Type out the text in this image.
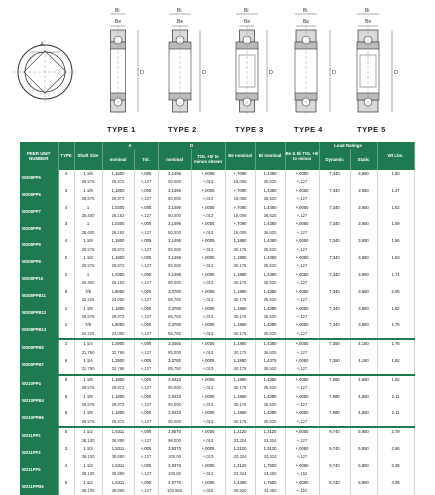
A
Bi
Be
D
Bi
Be
D
Bi
Be
D
Bi
Be
D
Bi
Be
D
TYPE 1	TYPE 2	TYPE 3	TYPE 4	TYPE 5
PEER UNIT NUMBER	TYPE	Shaft Size	A		D		Be nominal	Bi nominal	Be & Bi TOL +0/ to minus	Load Ratings		Wt Lbs.
			nominal	Tol.	nominal	TOL +0/ to minus shown				Dynamic	Static	
W208PP5	4	1 1/8	1,1800	+,005	3,1496	+,0005	+,7090	1,4380	+,0050	7,340	3,650	1,50
		28,575	29,972	+,127	80,000	+,013	18,008	36,520	+,127			
W208PP6	3	1 1/8	1,1800	+,005	3,1496	+,0005	+,7090	1,4380	+,0050	7,340	3,650	1,47
		28,575	29,972	+,127	80,000	+,013	18,008	36,520	+,127			
W208PP7	4	1	1,0300	+,005	3,1496	+,0005	+,7090	1,4380	+,0050	7,340	3,650	1,62
		25,400	26,162	+,127	80,000	+,013	18,008	36,520	+,127			
W208PP8	3	1	1,0300	+,005	3,1496	+,0005	+,7090	1,4380	+,0050	7,340	3,650	1,59
		25,400	26,162	+,127	80,000	+,013	18,008	36,520	+,127			
W208PP9	4	1 1/8	1,1800	+,005	3,1496	+,0005	1,1880	1,4380	+,0050	7,340	3,650	1,66
		28,575	29,972	+,127	80,000	+,013	30,175	36,520	+,127			
W208PP8	2	1 1/8	1,1800	+,005	3,1496	+,0005	1,1880	1,4380	+,0050	7,340	3,650	1,63
		28,575	29,972	+,127	80,000	+,013	30,175	36,520	+,127			
W208PP10	2	1	1,0300	+,005	3,1496	+,0005	1,1880	1,4380	+,0050	7,340	3,650	1,74
		25,400	26,162	+,127	80,000	+,013	30,175	36,520	+,127			
W208PPB11	6	7/8	1,8050	+,005	3,3780	+,0005	1,1880	1,4380	+,0050	7,340	3,650	2,05
		22,225	23,000	+,127	85,750	+,013	30,175	36,520	+,127			
W208PPB12	2	1 1/8	1,1800	+,005	3,3780	+,0005	1,1880	1,4380	+,0050	7,340	3,650	1,82
		28,575	29,972	+,127	85,750	+,013	30,175	36,520	+,127			
W208PPB13	2	7/8	1,8050	+,005	3,3780	+,0005	1,1880	1,4380	+,0050	7,340	3,650	1,75
		22,225	23,000	+,127	85,750	+,013	30,175	36,520	+,127			
W209PPB5	2	1 1/4	1,2900	+,005	3,3465	+,0005	1,1880	1,4380	+,0050	7,350	4,150	1,75
		31,750	32,766	+,127	85,000	+,013	30,175	36,520	+,127			
W209PPB7	6	1 1/4	1,2900	+,005	3,3780	+,0005	1,1880	1,4375	+,0050	7,350	4,150	1,92
		31,750	32,766	+,127	85,750	+,013	30,175	36,520	+,127			
W210PP4	5	1 1/8	1,1800	+,005	3,5433	+,0005	1,1880	1,4380	+,0050	7,880	4,650	1,92
		28,575	29,972	+,127	90,000	+,013	30,175	36,520	+,127			
W210PPB4	6	1 1/8	1,1800	+,005	3,5433	+,0005	1,1880	1,4380	+,0050	7,880	4,650	2,11
		28,575	29,972	+,127	90,000	+,013	30,175	36,520	+,127			
W210PPB6	6	1 1/8	1,1800	+,005	3,5433	+,0005	1,1880	1,4380	+,0050	7,880	4,650	2,11
		28,575	29,972	+,127	90,000	+,013	30,175	36,520	+,127			
W211PP2	5	1 1/2	1,5311	+,005	3,8570	+,0005	1,3120	1,3120	+,0050	9,740	5,850	2,79
		38,100	38,890	+,127	98,000	+,013	33,324	33,324	+,127			
W211PP3	3	1 1/2	1,5311	+,005	3,9370	+,0005	1,3120	1,3120	+,0050	9,740	5,850	2,66
		38,100	38,890	+,127	100,00	+,013	33,324	33,324	+,127			
W211PP5	4	1 1/2	1,5311	+,005	3,9370	+,0005	1,3120	1,7500	+,0060	9,740	5,850	3,38
		38,100	38,890	+,127	100,00	+,013	33,324	44,450	+,152			
W211PPB6	6	1 1/2	1,5311	+,005	4,0770	+,0006	1,4380	1,7500	+,0060	9,740	5,850	4,05
		38,100	38,890	+,127	103,556	+,015	36,520	44,450	+,152			
